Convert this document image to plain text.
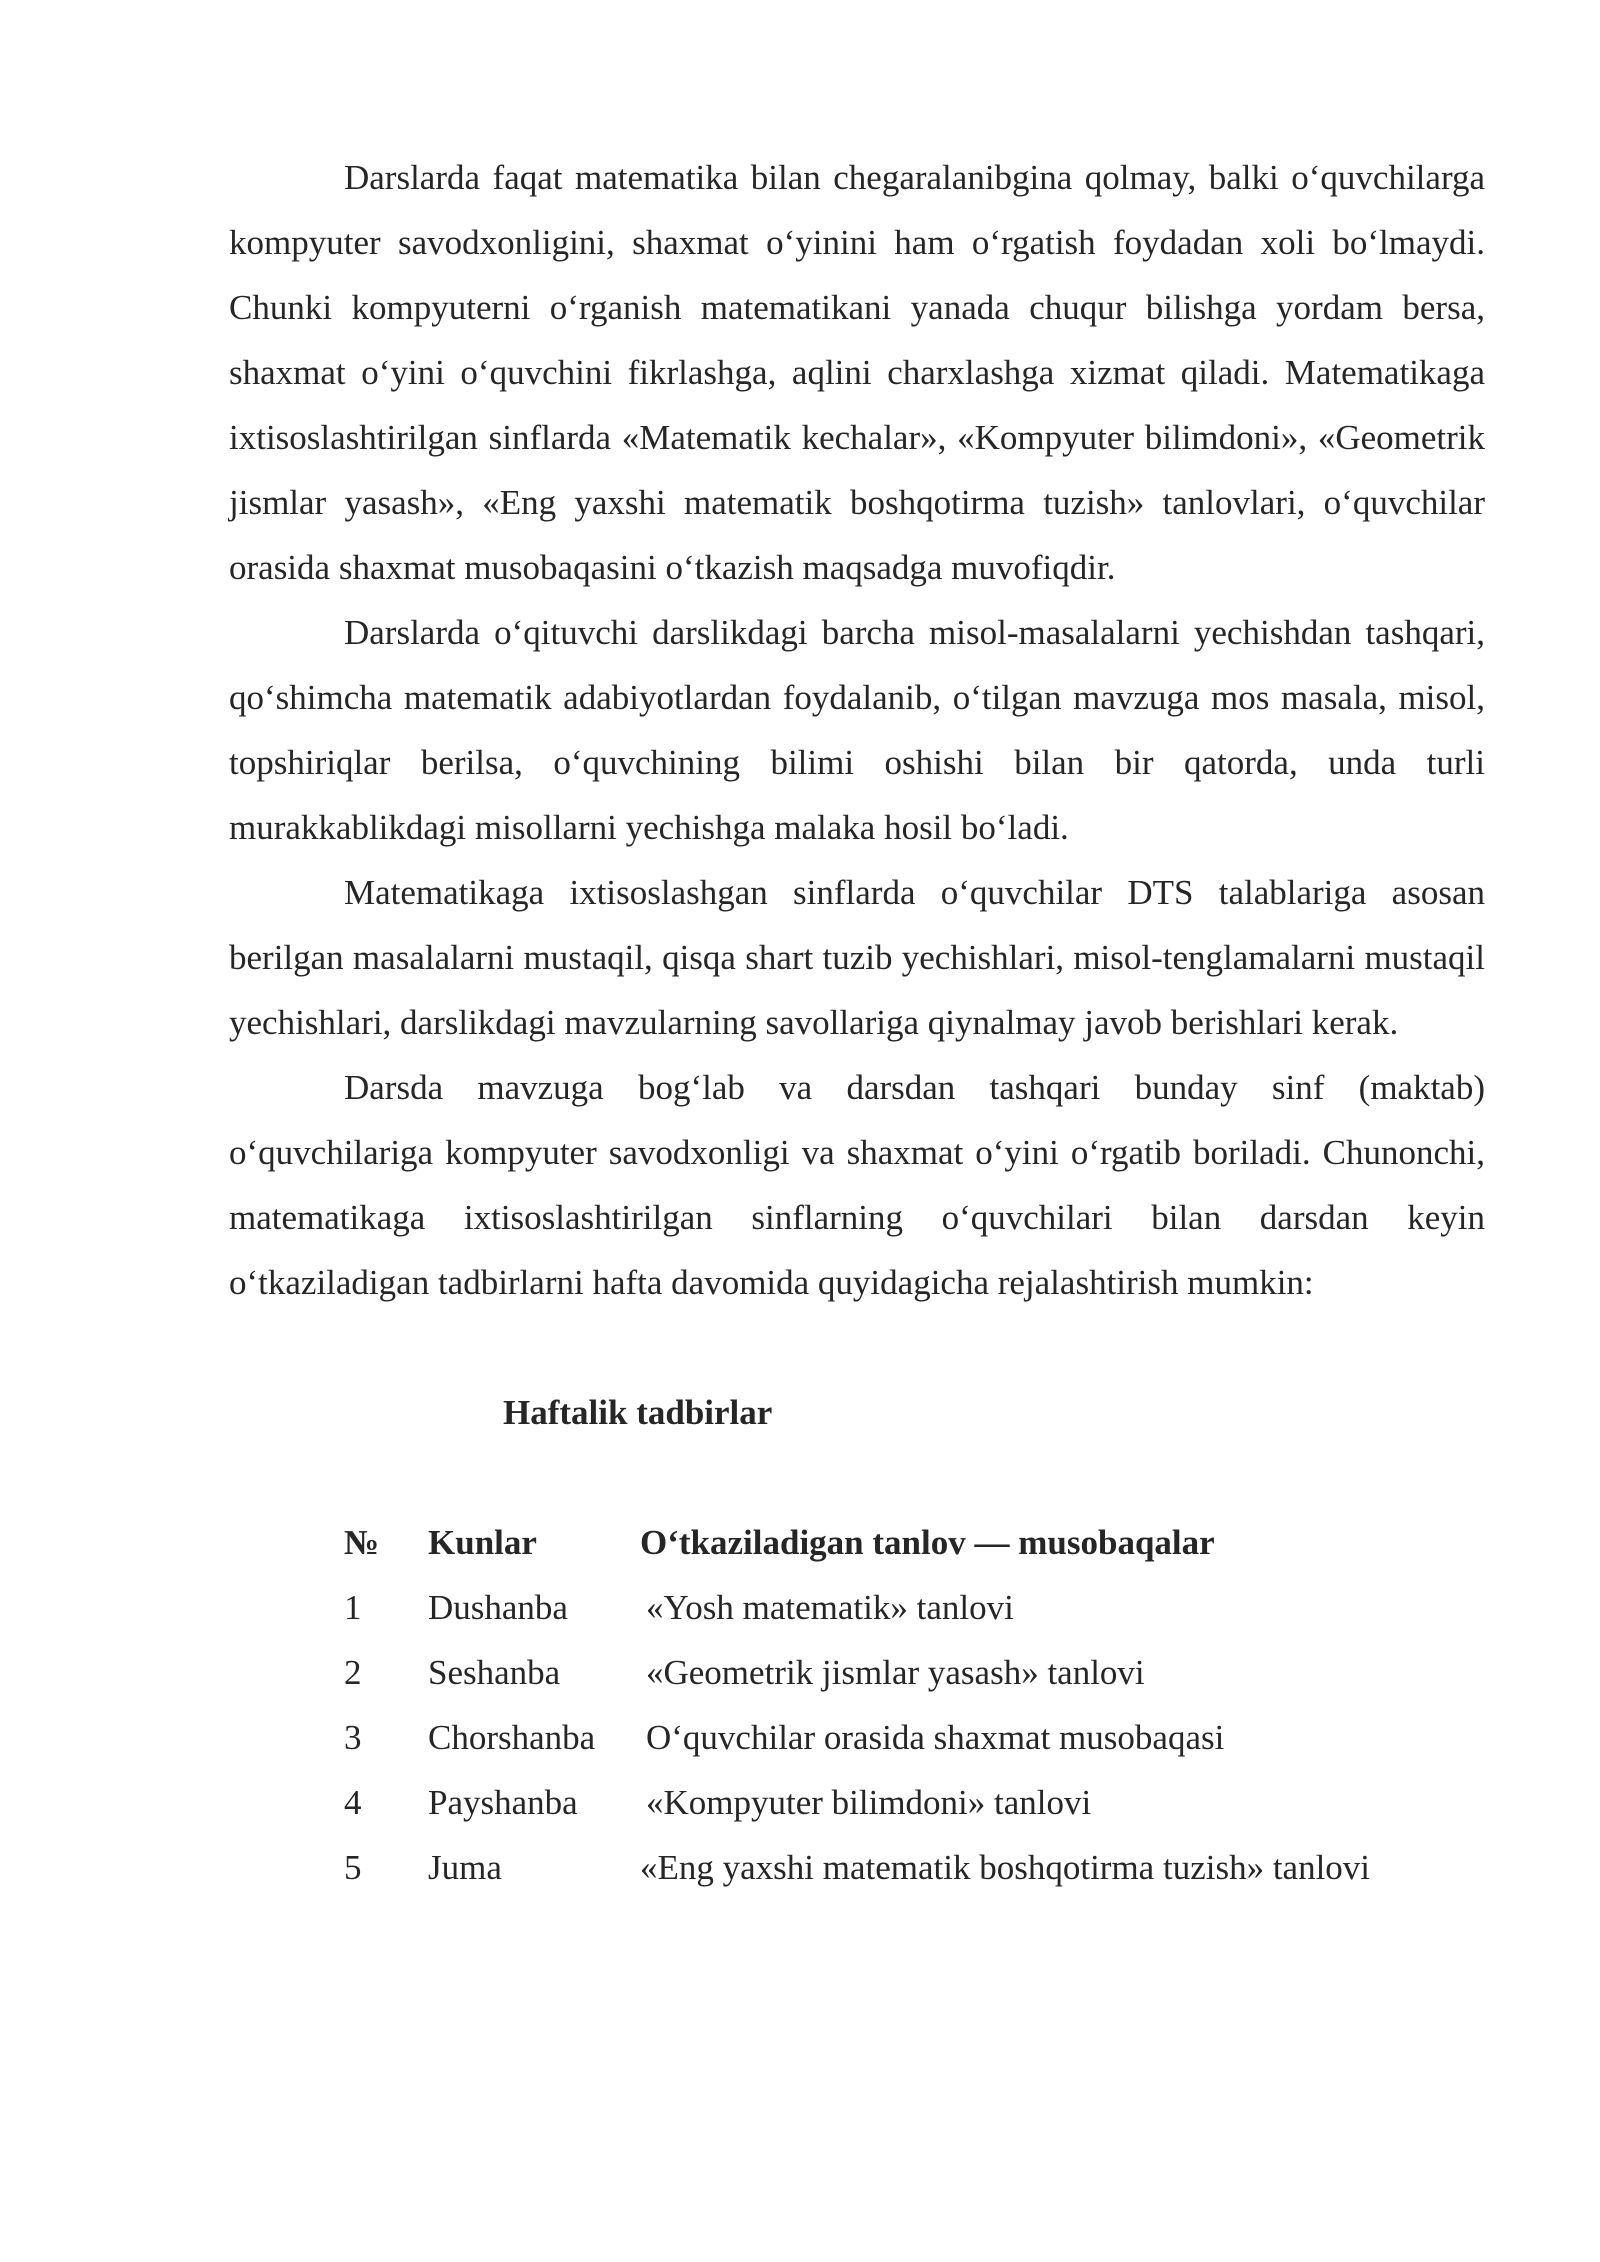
Darslarda faqat matematika bilan chegaralanibgina qolmay, balki o‘quvchilarga kompyuter savodxonligini, shaxmat o‘yinini ham o‘rgatish foydadan xoli bo‘lmaydi. Chunki kompyuterni o‘rganish matematikani yanada chuqur bilishga yordam bersa, shaxmat o‘yini o‘quvchini fikrlashga, aqlini charxlashga xizmat qiladi. Matematikaga ixtisoslashtirilgan sinflarda «Matematik kechalar», «Kompyuter bilimdoni», «Geometrik jismlar yasash», «Eng yaxshi matematik boshqotirma tuzish» tanlovlari, o‘quvchilar orasida shaxmat musobaqasini o‘tkazish maqsadga muvofiqdir.

Darslarda o‘qituvchi darslikdagi barcha misol-masalalarni yechishdan tashqari, qo‘shimcha matematik adabiyotlardan foydalanib, o‘tilgan mavzuga mos masala, misol, topshiriqlar berilsa, o‘quvchining bilimi oshishi bilan bir qatorda, unda turli murakkablikdagi misollarni yechishga malaka hosil bo‘ladi.

Matematikaga ixtisoslashgan sinflarda o‘quvchilar DTS talablariga asosan berilgan masalalarni mustaqil, qisqa shart tuzib yechishlari, misol-tenglamalarni mustaqil yechishlari, darslikdagi mavzularning savollariga qiynalmay javob berishlari kerak.

Darsda mavzuga bog‘lab va darsdan tashqari bunday sinf (maktab) o‘quvchilariga kompyuter savodxonligi va shaxmat o‘yini o‘rgatib boriladi. Chunonchi, matematikaga ixtisoslashtirilgan sinflarning o‘quvchilari bilan darsdan keyin o‘tkaziladigan tadbirlarni hafta davomida quyidagicha rejalashtirish mumkin:

Haftalik tadbirlar

№	Kunlar	O‘tkaziladigan tanlov — musobaqalar
1	Dushanba	«Yosh matematik» tanlovi
2	Seshanba	«Geometrik jismlar yasash» tanlovi
3	Chorshanba	O‘quvchilar orasida shaxmat musobaqasi
4	Payshanba	«Kompyuter bilimdoni» tanlovi
5	Juma	«Eng yaxshi matematik boshqotirma tuzish» tanlovi
